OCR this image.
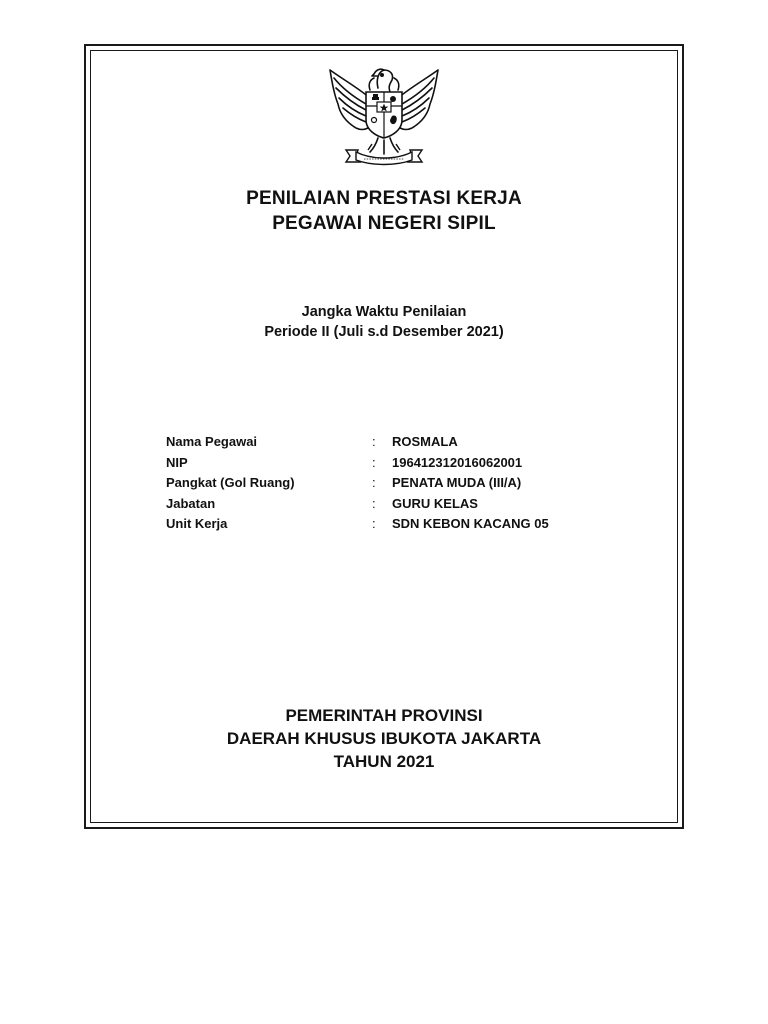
PENILAIAN PRESTASI KERJA
PEGAWAI NEGERI SIPIL
Jangka Waktu Penilaian
Periode II (Juli s.d Desember 2021)
Nama Pegawai	: ROSMALA
NIP	: 196412312016062001
Pangkat (Gol Ruang)	: PENATA MUDA (III/A)
Jabatan	: GURU KELAS
Unit Kerja	: SDN KEBON KACANG 05
PEMERINTAH PROVINSI
DAERAH KHUSUS IBUKOTA JAKARTA
TAHUN 2021
